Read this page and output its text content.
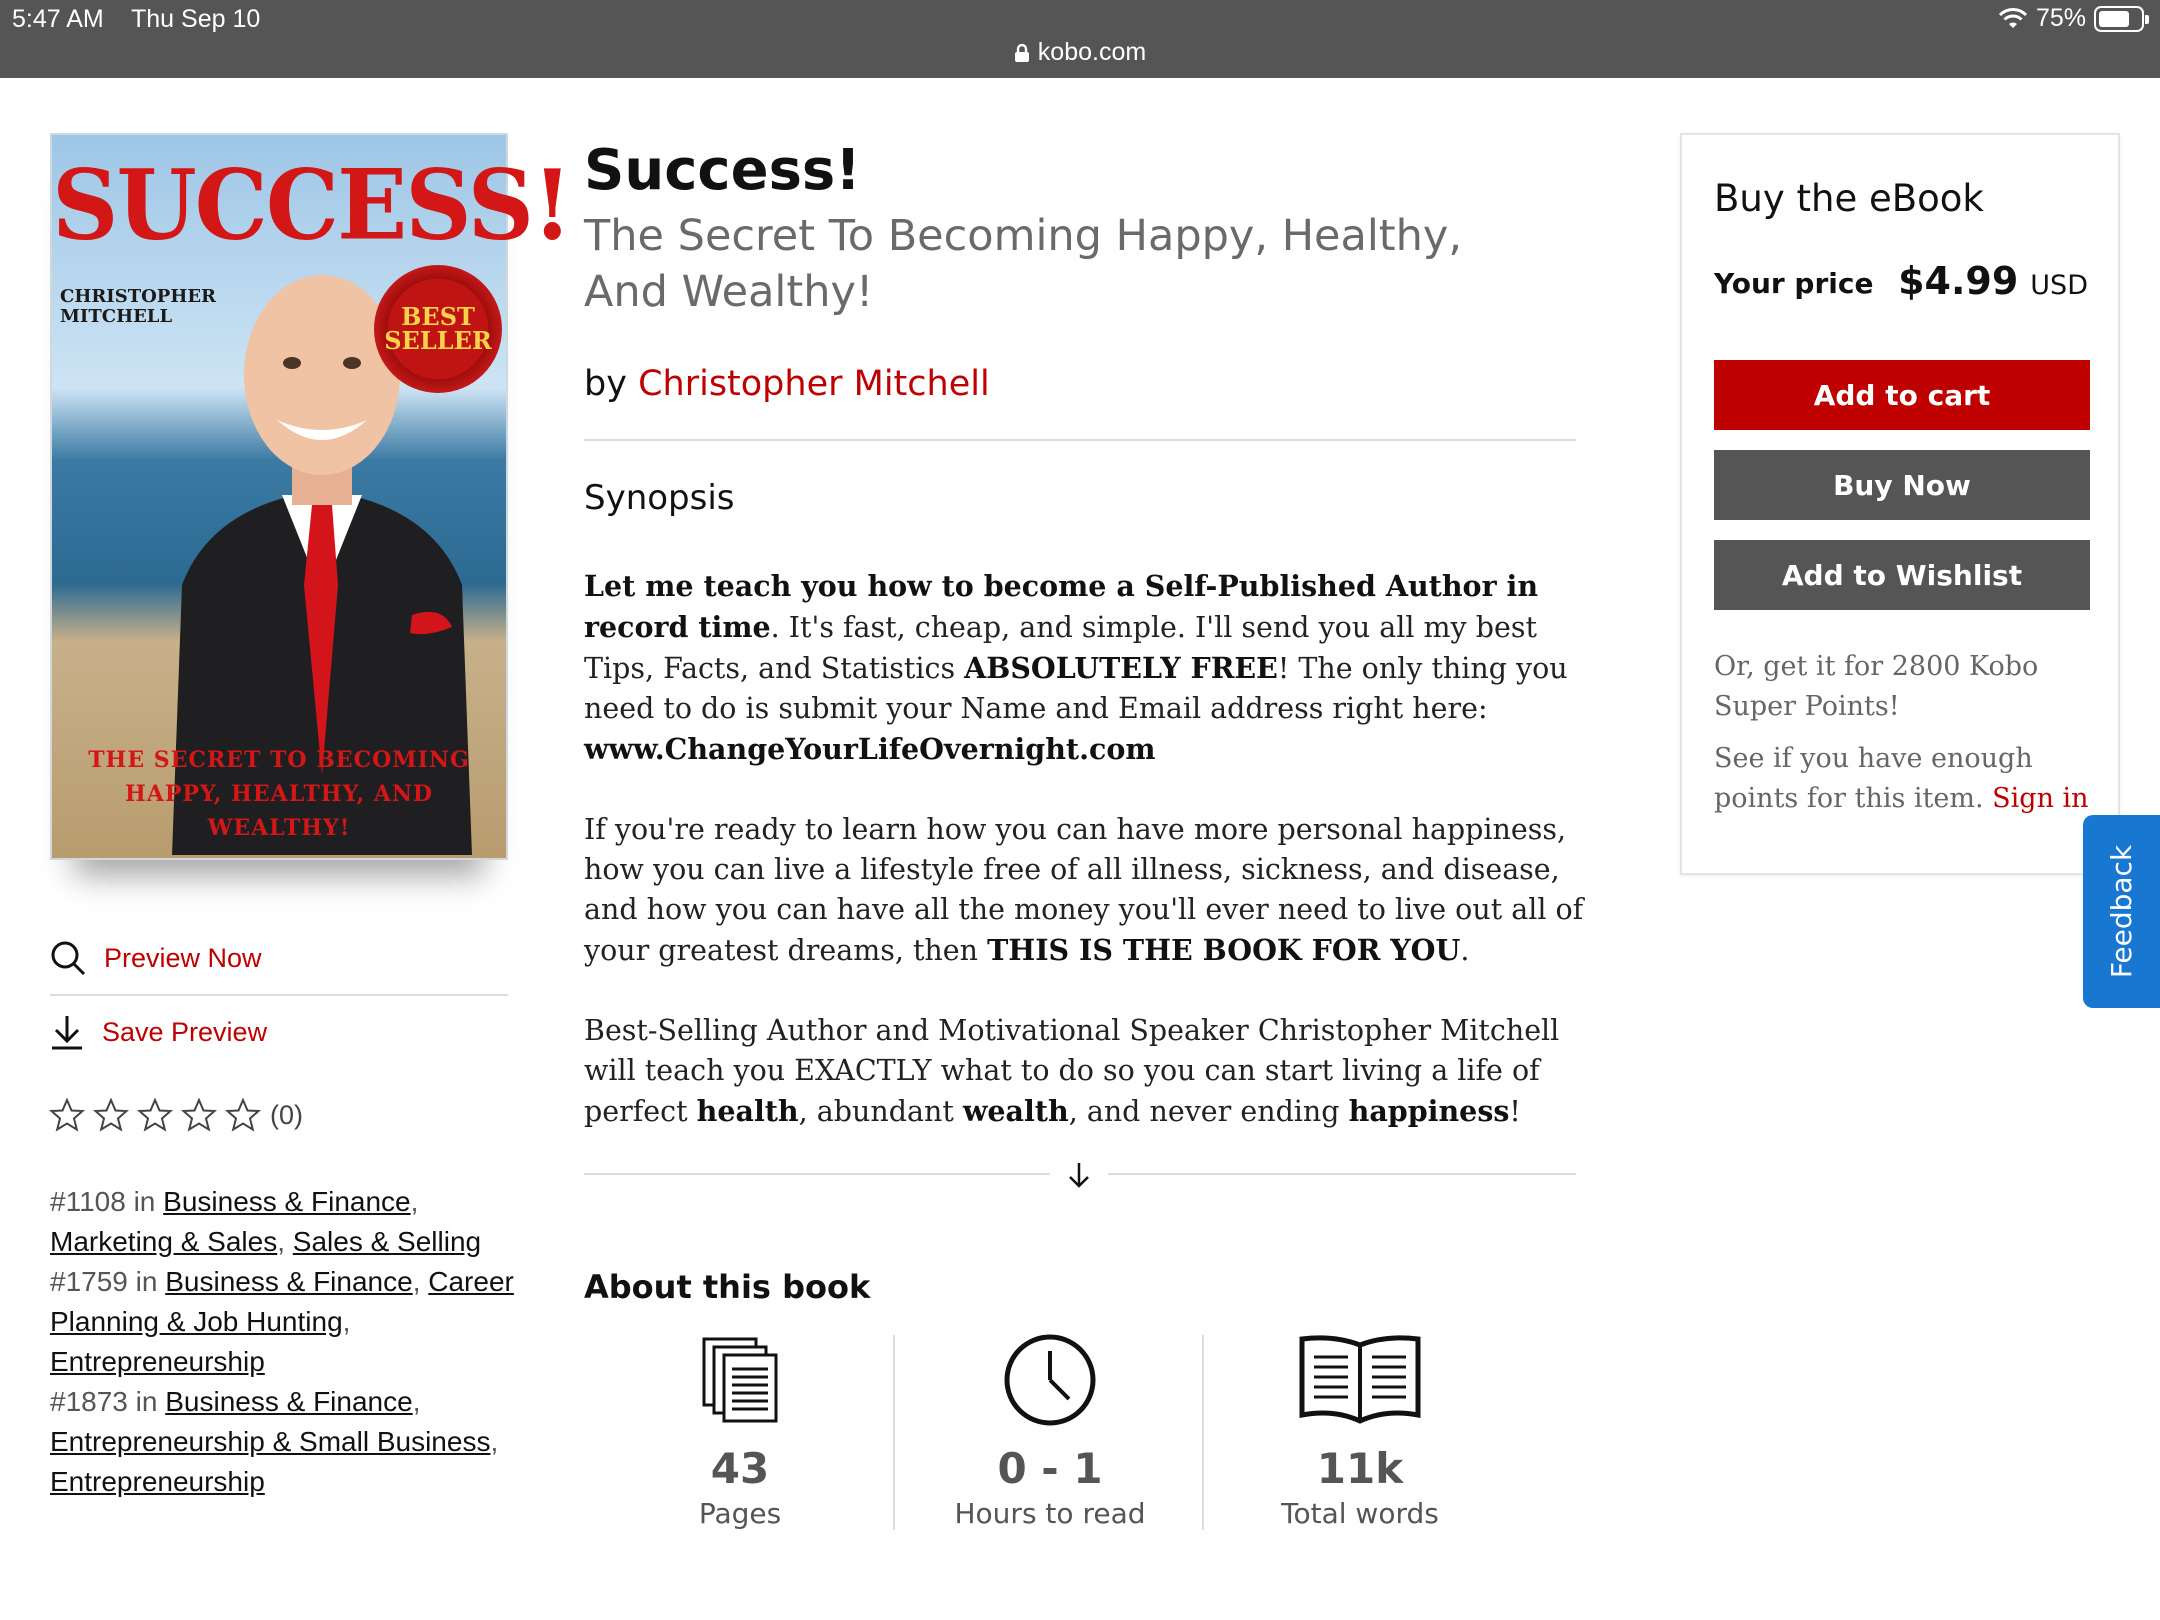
5:47 AM Thu Sep 10	75%
kobo.com
SUCCESS!
CHRISTOPHER
MITCHELL	BEST
SELLER
THE SECRET TO BECOMING
HAPPY, HEALTHY, AND WEALTHY!
Preview Now
Save Preview
(0)
#1108 in Business & Finance, Marketing & Sales, Sales & Selling
#1759 in Business & Finance, Career Planning & Job Hunting, Entrepreneurship
#1873 in Business & Finance, Entrepreneurship & Small Business, Entrepreneurship
Success!
The Secret To Becoming Happy, Healthy, And Wealthy!
by Christopher Mitchell
Synopsis

Let me teach you how to become a Self-Published Author in record time. It's fast, cheap, and simple. I'll send you all my best Tips, Facts, and Statistics ABSOLUTELY FREE! The only thing you need to do is submit your Name and Email address right here: www.ChangeYourLifeOvernight.com

If you're ready to learn how you can have more personal happiness, how you can live a lifestyle free of all illness, sickness, and disease, and how you can have all the money you'll ever need to live out all of your greatest dreams, then THIS IS THE BOOK FOR YOU.

Best-Selling Author and Motivational Speaker Christopher Mitchell will teach you EXACTLY what to do so you can start living a life of perfect health, abundant wealth, and never ending happiness!

About this book
43
Pages
0 - 1
Hours to read
11k
Total words
Buy the eBook
Your price $4.99 USD
Add to cart
Buy Now
Add to Wishlist
Or, get it for 2800 Kobo Super Points!
See if you have enough points for this item. Sign in
Feedback
